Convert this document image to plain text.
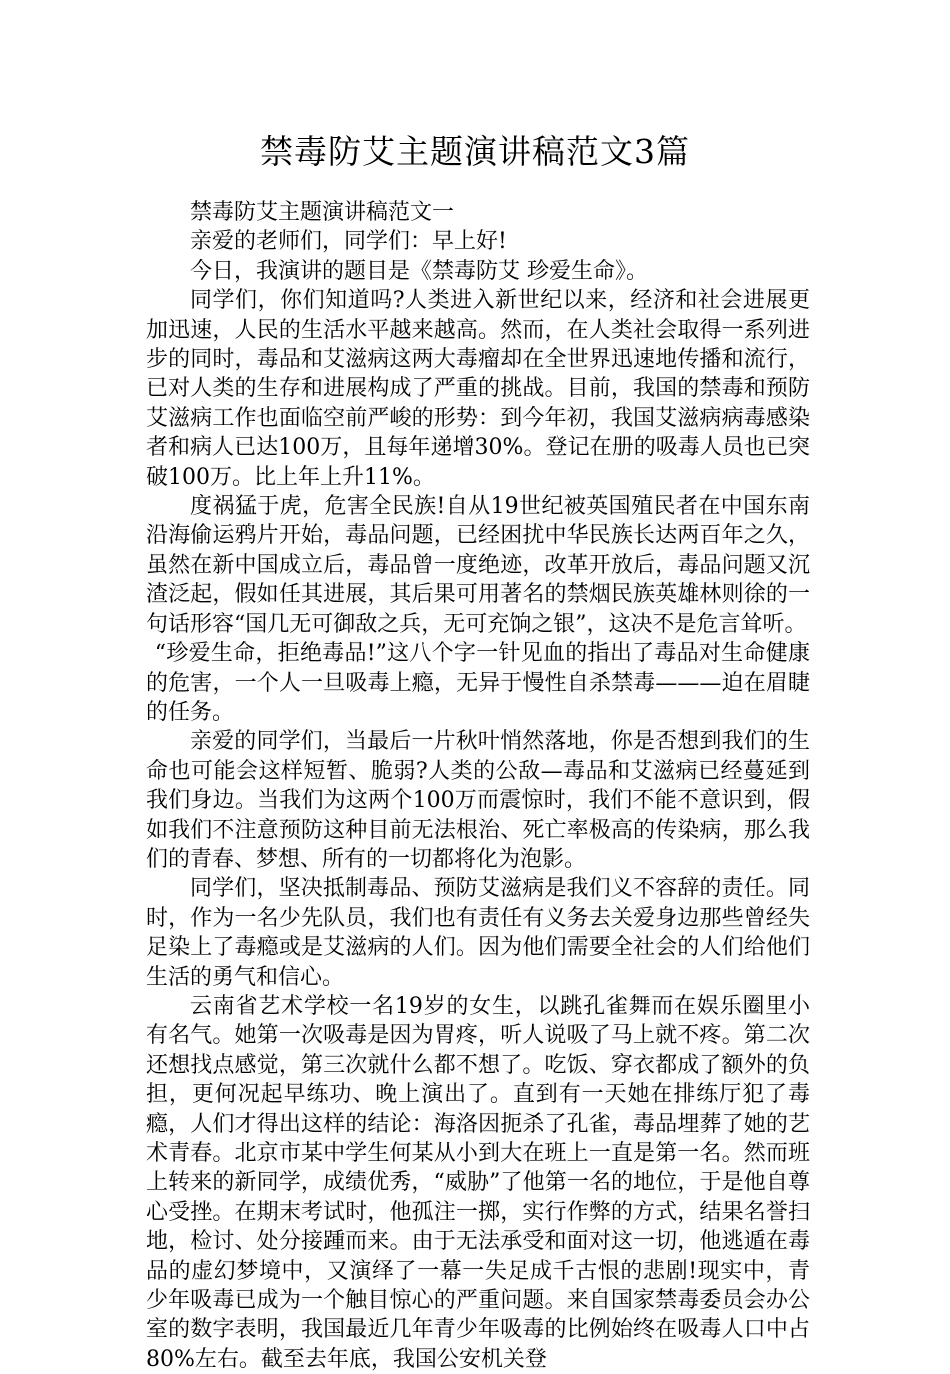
禁毒防艾主题演讲稿范文3篇

禁毒防艾主题演讲稿范文一

亲爱的老师们，同学们：早上好!

今日，我演讲的题目是《禁毒防艾 珍爱生命》。

同学们，你们知道吗?人类进入新世纪以来，经济和社会进展更加迅速，人民的生活水平越来越高。然而，在人类社会取得一系列进步的同时，毒品和艾滋病这两大毒瘤却在全世界迅速地传播和流行，已对人类的生存和进展构成了严重的挑战。目前，我国的禁毒和预防艾滋病工作也面临空前严峻的形势：到今年初，我国艾滋病病毒感染者和病人已达100万，且每年递增30%。登记在册的吸毒人员也已突破100万。比上年上升11%。

度祸猛于虎，危害全民族!自从19世纪被英国殖民者在中国东南沿海偷运鸦片开始，毒品问题，已经困扰中华民族长达两百年之久，虽然在新中国成立后，毒品曾一度绝迹，改革开放后，毒品问题又沉渣泛起，假如任其进展，其后果可用著名的禁烟民族英雄林则徐的一句话形容“国几无可御敌之兵，无可充饷之银”，这决不是危言耸听。

“珍爱生命，拒绝毒品!”这八个字一针见血的指出了毒品对生命健康的危害，一个人一旦吸毒上瘾，无异于慢性自杀禁毒———迫在眉睫的任务。

亲爱的同学们，当最后一片秋叶悄然落地，你是否想到我们的生命也可能会这样短暂、脆弱?人类的公敌—毒品和艾滋病已经蔓延到我们身边。当我们为这两个100万而震惊时，我们不能不意识到，假如我们不注意预防这种目前无法根治、死亡率极高的传染病，那么我们的青春、梦想、所有的一切都将化为泡影。

同学们，坚决抵制毒品、预防艾滋病是我们义不容辞的责任。同时，作为一名少先队员，我们也有责任有义务去关爱身边那些曾经失足染上了毒瘾或是艾滋病的人们。因为他们需要全社会的人们给他们生活的勇气和信心。

云南省艺术学校一名19岁的女生，以跳孔雀舞而在娱乐圈里小有名气。她第一次吸毒是因为胃疼，听人说吸了马上就不疼。第二次还想找点感觉，第三次就什么都不想了。吃饭、穿衣都成了额外的负担，更何况起早练功、晚上演出了。直到有一天她在排练厅犯了毒瘾，人们才得出这样的结论：海洛因扼杀了孔雀，毒品埋葬了她的艺术青春。北京市某中学生何某从小到大在班上一直是第一名。然而班上转来的新同学，成绩优秀，“威胁”了他第一名的地位，于是他自尊心受挫。在期末考试时，他孤注一掷，实行作弊的方式，结果名誉扫地，检讨、处分接踵而来。由于无法承受和面对这一切，他逃遁在毒品的虚幻梦境中，又演绎了一幕一失足成千古恨的悲剧!现实中，青少年吸毒已成为一个触目惊心的严重问题。来自国家禁毒委员会办公室的数字表明，我国最近几年青少年吸毒的比例始终在吸毒人口中占80%左右。截至去年底，我国公安机关登
